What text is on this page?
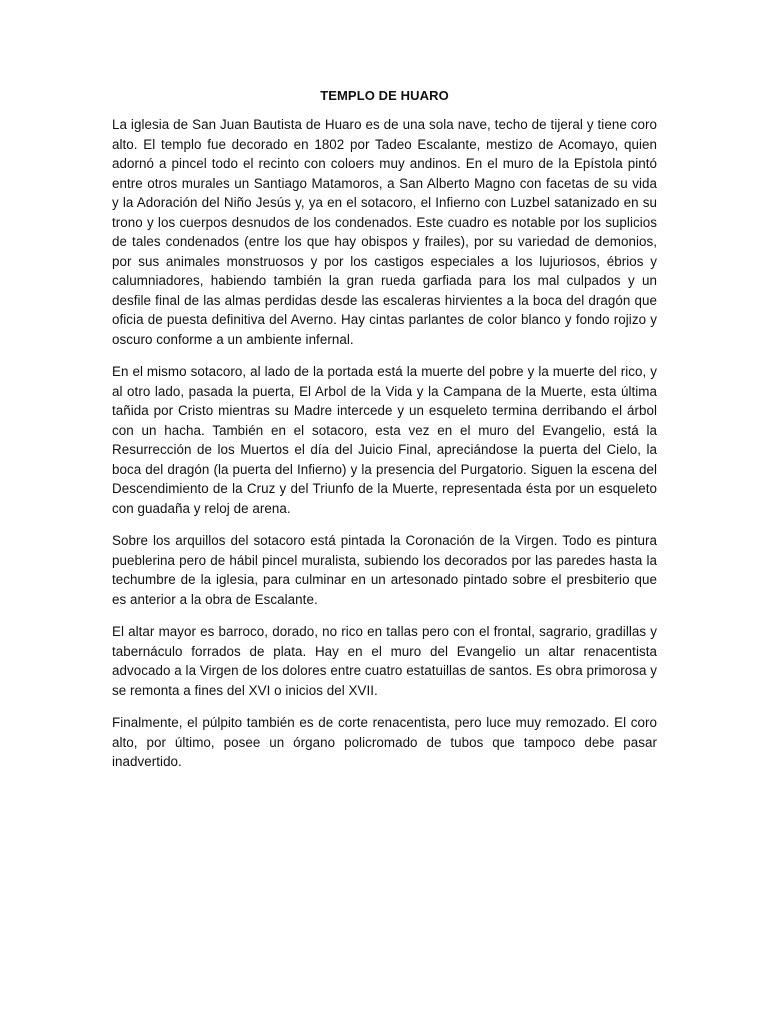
TEMPLO DE HUARO

La iglesia de San Juan Bautista de Huaro es de una sola nave, techo de tijeral y tiene coro alto. El templo fue decorado en 1802 por Tadeo Escalante, mestizo de Acomayo, quien adornó a pincel todo el recinto con coloers muy andinos. En el muro de la Epístola pintó entre otros murales un Santiago Matamoros, a San Alberto Magno con facetas de su vida y la Adoración del Niño Jesús y, ya en el sotacoro, el Infierno con Luzbel satanizado en su trono y los cuerpos desnudos de los condenados. Este cuadro es notable por los suplicios de tales condenados (entre los que hay obispos y frailes), por su variedad de demonios, por sus animales monstruosos y por los castigos especiales a los lujuriosos, ébrios y calumniadores, habiendo también la gran rueda garfiada para los mal culpados y un desfile final de las almas perdidas desde las escaleras hirvientes a la boca del dragón que oficia de puesta definitiva del Averno. Hay cintas parlantes de color blanco y fondo rojizo y oscuro conforme a un ambiente infernal.

En el mismo sotacoro, al lado de la portada está la muerte del pobre y la muerte del rico, y al otro lado, pasada la puerta, El Arbol de la Vida y la Campana de la Muerte, esta última tañida por Cristo mientras su Madre intercede y un esqueleto termina derribando el árbol con un hacha. También en el sotacoro, esta vez en el muro del Evangelio, está la Resurrección de los Muertos el día del Juicio Final, apreciándose la puerta del Cielo, la boca del dragón (la puerta del Infierno) y la presencia del Purgatorio. Siguen la escena del Descendimiento de la Cruz y del Triunfo de la Muerte, representada ésta por un esqueleto con guadaña y reloj de arena.

Sobre los arquillos del sotacoro está pintada la Coronación de la Virgen. Todo es pintura pueblerina pero de hábil pincel muralista, subiendo los decorados por las paredes hasta la techumbre de la iglesia, para culminar en un artesonado pintado sobre el presbiterio que es anterior a la obra de Escalante.

El altar mayor es barroco, dorado, no rico en tallas pero con el frontal, sagrario, gradillas y tabernáculo forrados de plata. Hay en el muro del Evangelio un altar renacentista advocado a la Virgen de los dolores entre cuatro estatuillas de santos. Es obra primorosa y se remonta a fines del XVI o inicios del XVII.

Finalmente, el púlpito también es de corte renacentista, pero luce muy remozado. El coro alto, por último, posee un órgano policromado de tubos que tampoco debe pasar inadvertido.
